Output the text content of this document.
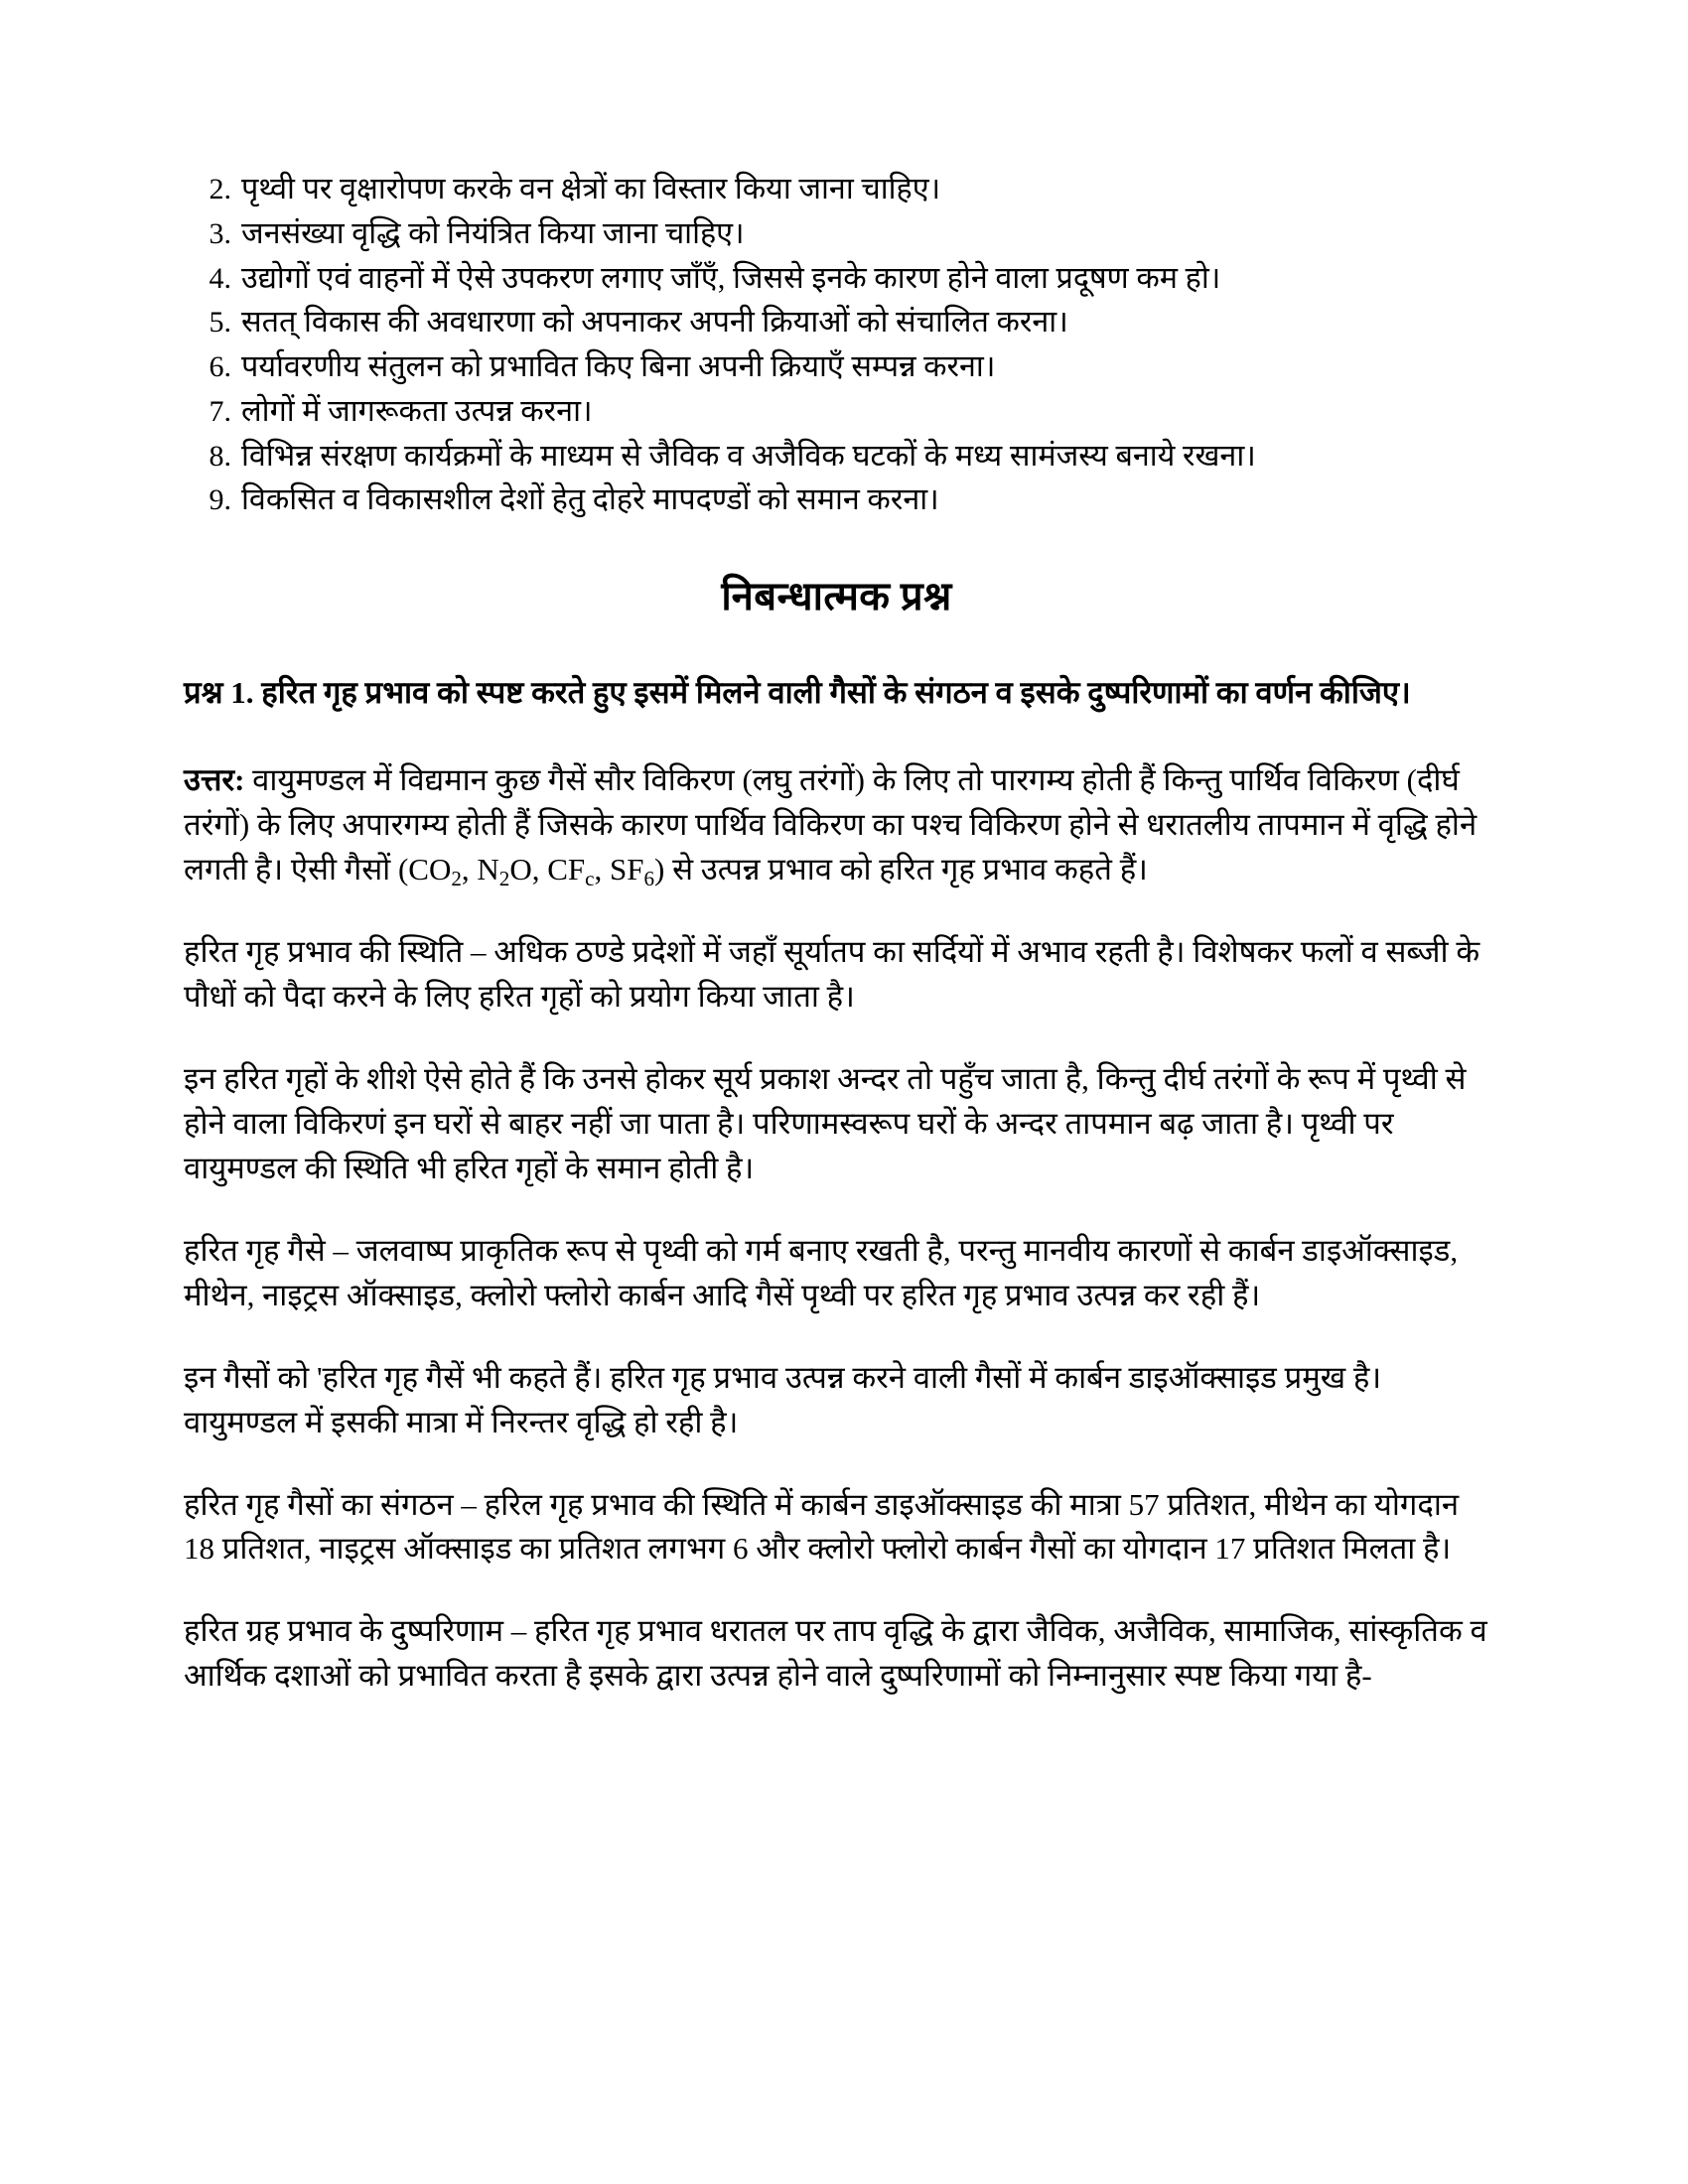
2. पृथ्वी पर वृक्षारोपण करके वन क्षेत्रों का विस्तार किया जाना चाहिए।
3. जनसंख्या वृद्धि को नियंत्रित किया जाना चाहिए।
4. उद्योगों एवं वाहनों में ऐसे उपकरण लगाए जाँएँ, जिससे इनके कारण होने वाला प्रदूषण कम हो।
5. सतत् विकास की अवधारणा को अपनाकर अपनी क्रियाओं को संचालित करना।
6. पर्यावरणीय संतुलन को प्रभावित किए बिना अपनी क्रियाएँ सम्पन्न करना।
7. लोगों में जागरूकता उत्पन्न करना।
8. विभिन्न संरक्षण कार्यक्रमों के माध्यम से जैविक व अजैविक घटकों के मध्य सामंजस्य बनाये रखना।
9. विकसित व विकासशील देशों हेतु दोहरे मापदण्डों को समान करना।
निबन्धात्मक प्रश्न

प्रश्न 1. हरित गृह प्रभाव को स्पष्ट करते हुए इसमें मिलने वाली गैसों के संगठन व इसके दुष्परिणामों का वर्णन कीजिए।

उत्तर: वायुमण्डल में विद्यमान कुछ गैसें सौर विकिरण (लघु तरंगों) के लिए तो पारगम्य होती हैं किन्तु पार्थिव विकिरण (दीर्घ तरंगों) के लिए अपारगम्य होती हैं जिसके कारण पार्थिव विकिरण का पश्च विकिरण होने से धरातलीय तापमान में वृद्धि होने लगती है। ऐसी गैसों ($CO_2$, $N_2O$, $CF_c$, $SF_6$) से उत्पन्न प्रभाव को हरित गृह प्रभाव कहते हैं।

हरित गृह प्रभाव की स्थिति – अधिक ठण्डे प्रदेशों में जहाँ सूर्यातप का सर्दियों में अभाव रहती है। विशेषकर फलों व सब्जी के पौधों को पैदा करने के लिए हरित गृहों को प्रयोग किया जाता है।

इन हरित गृहों के शीशे ऐसे होते हैं कि उनसे होकर सूर्य प्रकाश अन्दर तो पहुँच जाता है, किन्तु दीर्घ तरंगों के रूप में पृथ्वी से होने वाला विकिरणं इन घरों से बाहर नहीं जा पाता है। परिणामस्वरूप घरों के अन्दर तापमान बढ़ जाता है। पृथ्वी पर वायुमण्डल की स्थिति भी हरित गृहों के समान होती है।

हरित गृह गैसे – जलवाष्प प्राकृतिक रूप से पृथ्वी को गर्म बनाए रखती है, परन्तु मानवीय कारणों से कार्बन डाइऑक्साइड, मीथेन, नाइट्रस ऑक्साइड, क्लोरो फ्लोरो कार्बन आदि गैसें पृथ्वी पर हरित गृह प्रभाव उत्पन्न कर रही हैं।

इन गैसों को 'हरित गृह गैसें भी कहते हैं। हरित गृह प्रभाव उत्पन्न करने वाली गैसों में कार्बन डाइऑक्साइड प्रमुख है। वायुमण्डल में इसकी मात्रा में निरन्तर वृद्धि हो रही है।

हरित गृह गैसों का संगठन – हरिल गृह प्रभाव की स्थिति में कार्बन डाइऑक्साइड की मात्रा 57 प्रतिशत, मीथेन का योगदान 18 प्रतिशत, नाइट्रस ऑक्साइड का प्रतिशत लगभग 6 और क्लोरो फ्लोरो कार्बन गैसों का योगदान 17 प्रतिशत मिलता है।

हरित ग्रह प्रभाव के दुष्परिणाम – हरित गृह प्रभाव धरातल पर ताप वृद्धि के द्वारा जैविक, अजैविक, सामाजिक, सांस्कृतिक व आर्थिक दशाओं को प्रभावित करता है इसके द्वारा उत्पन्न होने वाले दुष्परिणामों को निम्नानुसार स्पष्ट किया गया है-
